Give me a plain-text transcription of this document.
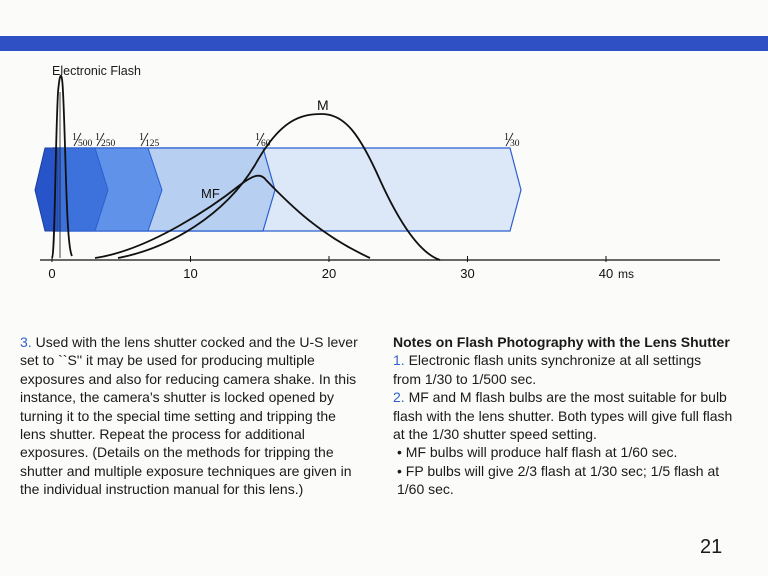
Electronic Flash
M
MF
1
500
1
250
1
125
1
60
1
30
0	10	20	30	40 ms

3. Used with the lens shutter cocked and the U-S lever set to ``S'' it may be used for producing multiple exposures and also for reducing camera shake. In this instance, the camera's shutter is locked opened by turning it to the special time setting and tripping the lens shutter. Repeat the process for additional exposures. (Details on the methods for tripping the shutter and multiple exposure techniques are given in the individual instruction manual for this lens.)

Notes on Flash Photography with the Lens Shutter

1. Electronic flash units synchronize at all settings from 1/30 to 1/500 sec.

2. MF and M flash bulbs are the most suitable for bulb flash with the lens shutter. Both types will give full flash at the 1/30 shutter speed setting.

• MF bulbs will produce half flash at 1/60 sec.

• FP bulbs will give 2/3 flash at 1/30 sec; 1/5 flash at 1/60 sec.

21
